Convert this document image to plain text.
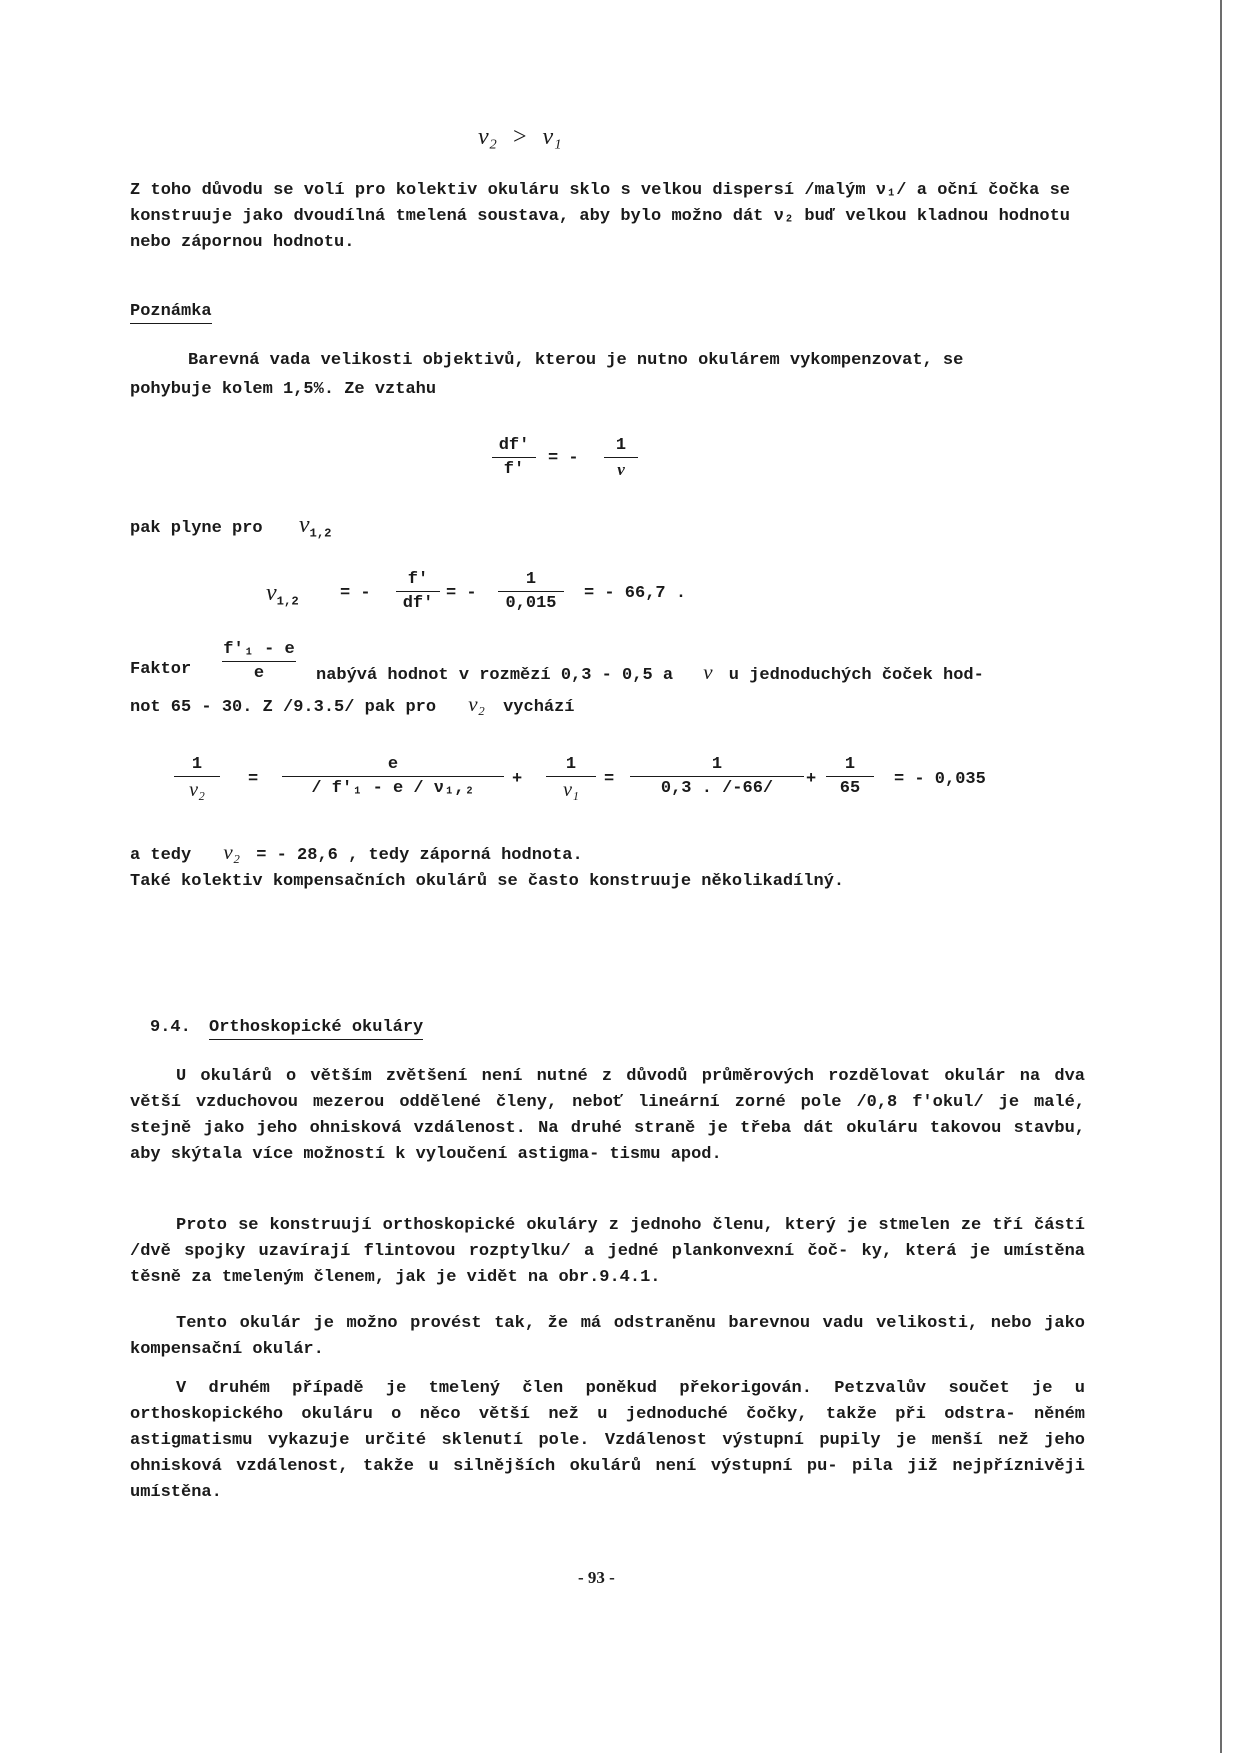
ν₂ > ν₁
Z toho důvodu se volí pro kolektiv okuláru sklo s velkou dispersí /malým ν₁/ a oční čočka se konstruuje jako dvoudílná tmelená soustava, aby bylo možno dát ν₂ buď velkou kladnou hodnotu nebo zápornou hodnotu.
Poznámka
Barevná vada velikosti objektivů, kterou je nutno okulárem vykompenzovat, se
pohybuje kolem 1,5%. Ze vztahu
df'
f'
= -
1
ν
pak plyne pro $\nu_{1,2}$
$\nu_{1,2}$ = -
f'
df'
= -
1
0,015
= - 66,7 .
Faktor
f'₁ - e
e	nabývá hodnot v rozmězí 0,3 - 0,5 a ν u jednoduchých čoček hod-
not 65 - 30. Z /9.3.5/ pak pro ν₂ vychází
1
ν₂	=
e
/ f'₁ - e / ν₁,₂	+
1
ν₁	=
1
0,3 . /-66/	+
1
65	= - 0,035
a tedy ν₂ = - 28,6 , tedy záporná hodnota.
Také kolektiv kompensačních okulárů se často konstruuje několikadílný.
9.4. Orthoskopické okuláry
U okulárů o větším zvětšení není nutné z důvodů průměrových rozdělovat okulár na dva větší vzduchovou mezerou oddělené členy, neboť lineární zorné pole /0,8 f'okul/ je malé, stejně jako jeho ohnisková vzdálenost. Na druhé straně je třeba dát okuláru takovou stavbu, aby skýtala více možností k vyloučení astigma- tismu apod.
Proto se konstruují orthoskopické okuláry z jednoho členu, který je stmelen ze tří částí /dvě spojky uzavírají flintovou rozptylku/ a jedné plankonvexní čoč- ky, která je umístěna těsně za tmeleným členem, jak je vidět na obr.9.4.1.
Tento okulár je možno provést tak, že má odstraněnu barevnou vadu velikosti, nebo jako kompensační okulár.
V druhém případě je tmelený člen poněkud překorigován. Petzvalův součet je u orthoskopického okuláru o něco větší než u jednoduché čočky, takže při odstra- něném astigmatismu vykazuje určité sklenutí pole. Vzdálenost výstupní pupily je menší než jeho ohnisková vzdálenost, takže u silnějších okulárů není výstupní pu- pila již nejpříznivěji umístěna.
- 93 -
